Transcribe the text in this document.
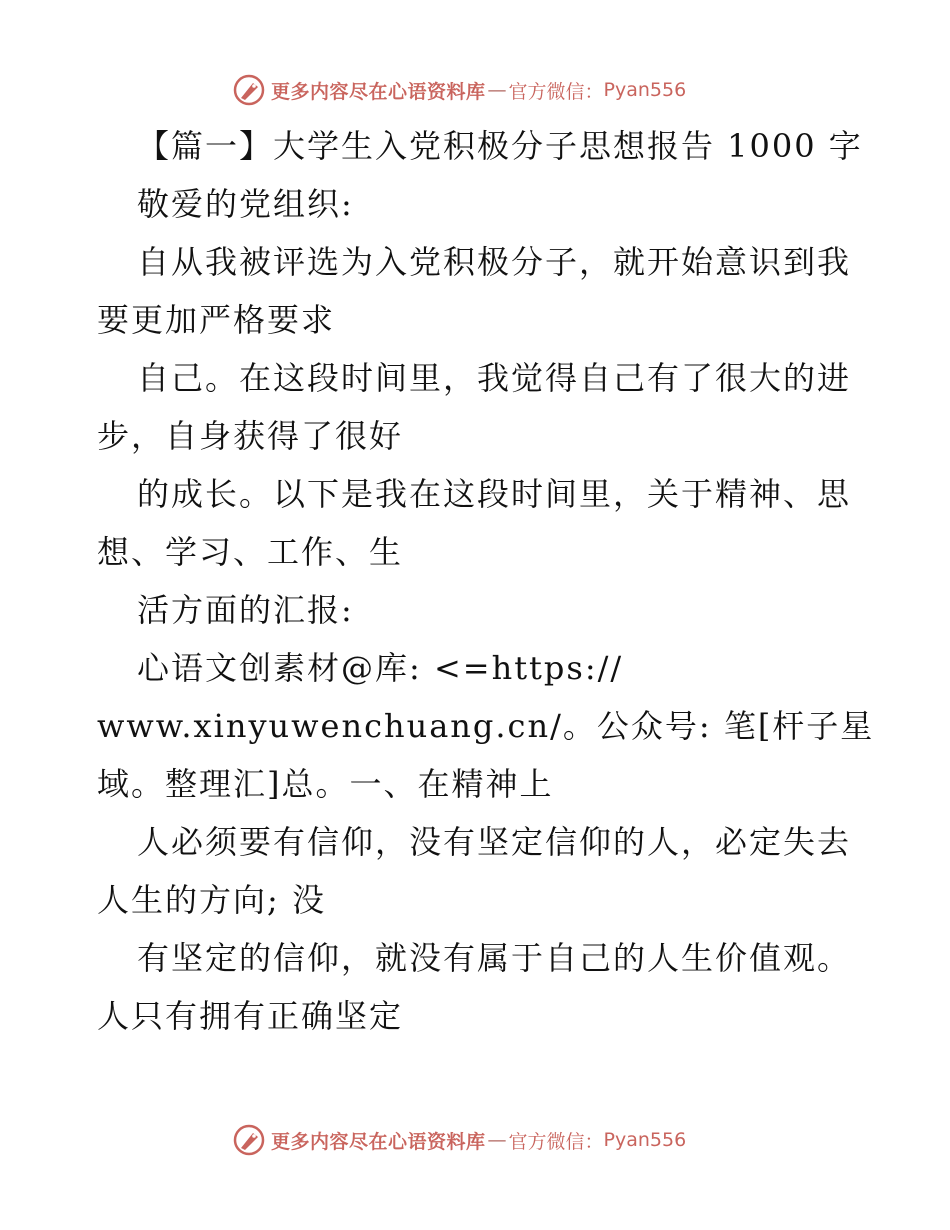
更多内容尽在心语资料库 — 官方微信： Pyan556
【篇一】大学生入党积极分子思想报告 1000 字
敬爱的党组织:
自从我被评选为入党积极分子，就开始意识到我
要更加严格要求
自己。在这段时间里，我觉得自己有了很大的进
步，自身获得了很好
的成长。以下是我在这段时间里，关于精神、思
想、学习、工作、生
活方面的汇报:
心语文创素材@库: <=https://
www.xinyuwenchuang.cn/。公众号: 笔[杆子星
域。整理汇]总。一、在精神上
人必须要有信仰，没有坚定信仰的人，必定失去
人生的方向; 没
有坚定的信仰，就没有属于自己的人生价值观。
人只有拥有正确坚定
更多内容尽在心语资料库 — 官方微信： Pyan556
